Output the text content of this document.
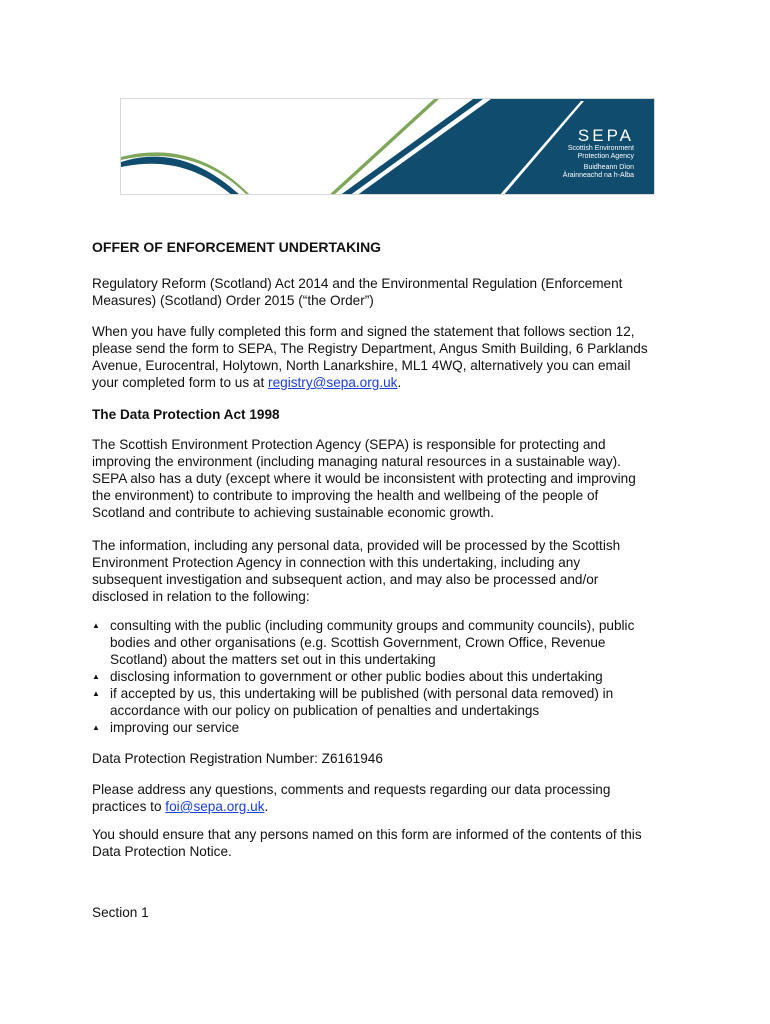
SEPA
Scottish Environment
Protection Agency
Buidheann Dìon
Àrainneachd na h-Alba
OFFER OF ENFORCEMENT UNDERTAKING
Regulatory Reform (Scotland) Act 2014 and the Environmental Regulation (Enforcement
Measures) (Scotland) Order 2015 (“the Order”)
When you have fully completed this form and signed the statement that follows section 12,
please send the form to SEPA, The Registry Department, Angus Smith Building, 6 Parklands
Avenue, Eurocentral, Holytown, North Lanarkshire, ML1 4WQ, alternatively you can email
your completed form to us at registry@sepa.org.uk.
The Data Protection Act 1998
The Scottish Environment Protection Agency (SEPA) is responsible for protecting and
improving the environment (including managing natural resources in a sustainable way).
SEPA also has a duty (except where it would be inconsistent with protecting and improving
the environment) to contribute to improving the health and wellbeing of the people of
Scotland and contribute to achieving sustainable economic growth.
The information, including any personal data, provided will be processed by the Scottish
Environment Protection Agency in connection with this undertaking, including any
subsequent investigation and subsequent action, and may also be processed and/or
disclosed in relation to the following:
▲ consulting with the public (including community groups and community councils), public
bodies and other organisations (e.g. Scottish Government, Crown Office, Revenue
Scotland) about the matters set out in this undertaking
▲ disclosing information to government or other public bodies about this undertaking
▲ if accepted by us, this undertaking will be published (with personal data removed) in
accordance with our policy on publication of penalties and undertakings
▲ improving our service
Data Protection Registration Number: Z6161946
Please address any questions, comments and requests regarding our data processing
practices to foi@sepa.org.uk.
You should ensure that any persons named on this form are informed of the contents of this
Data Protection Notice.
Section 1
